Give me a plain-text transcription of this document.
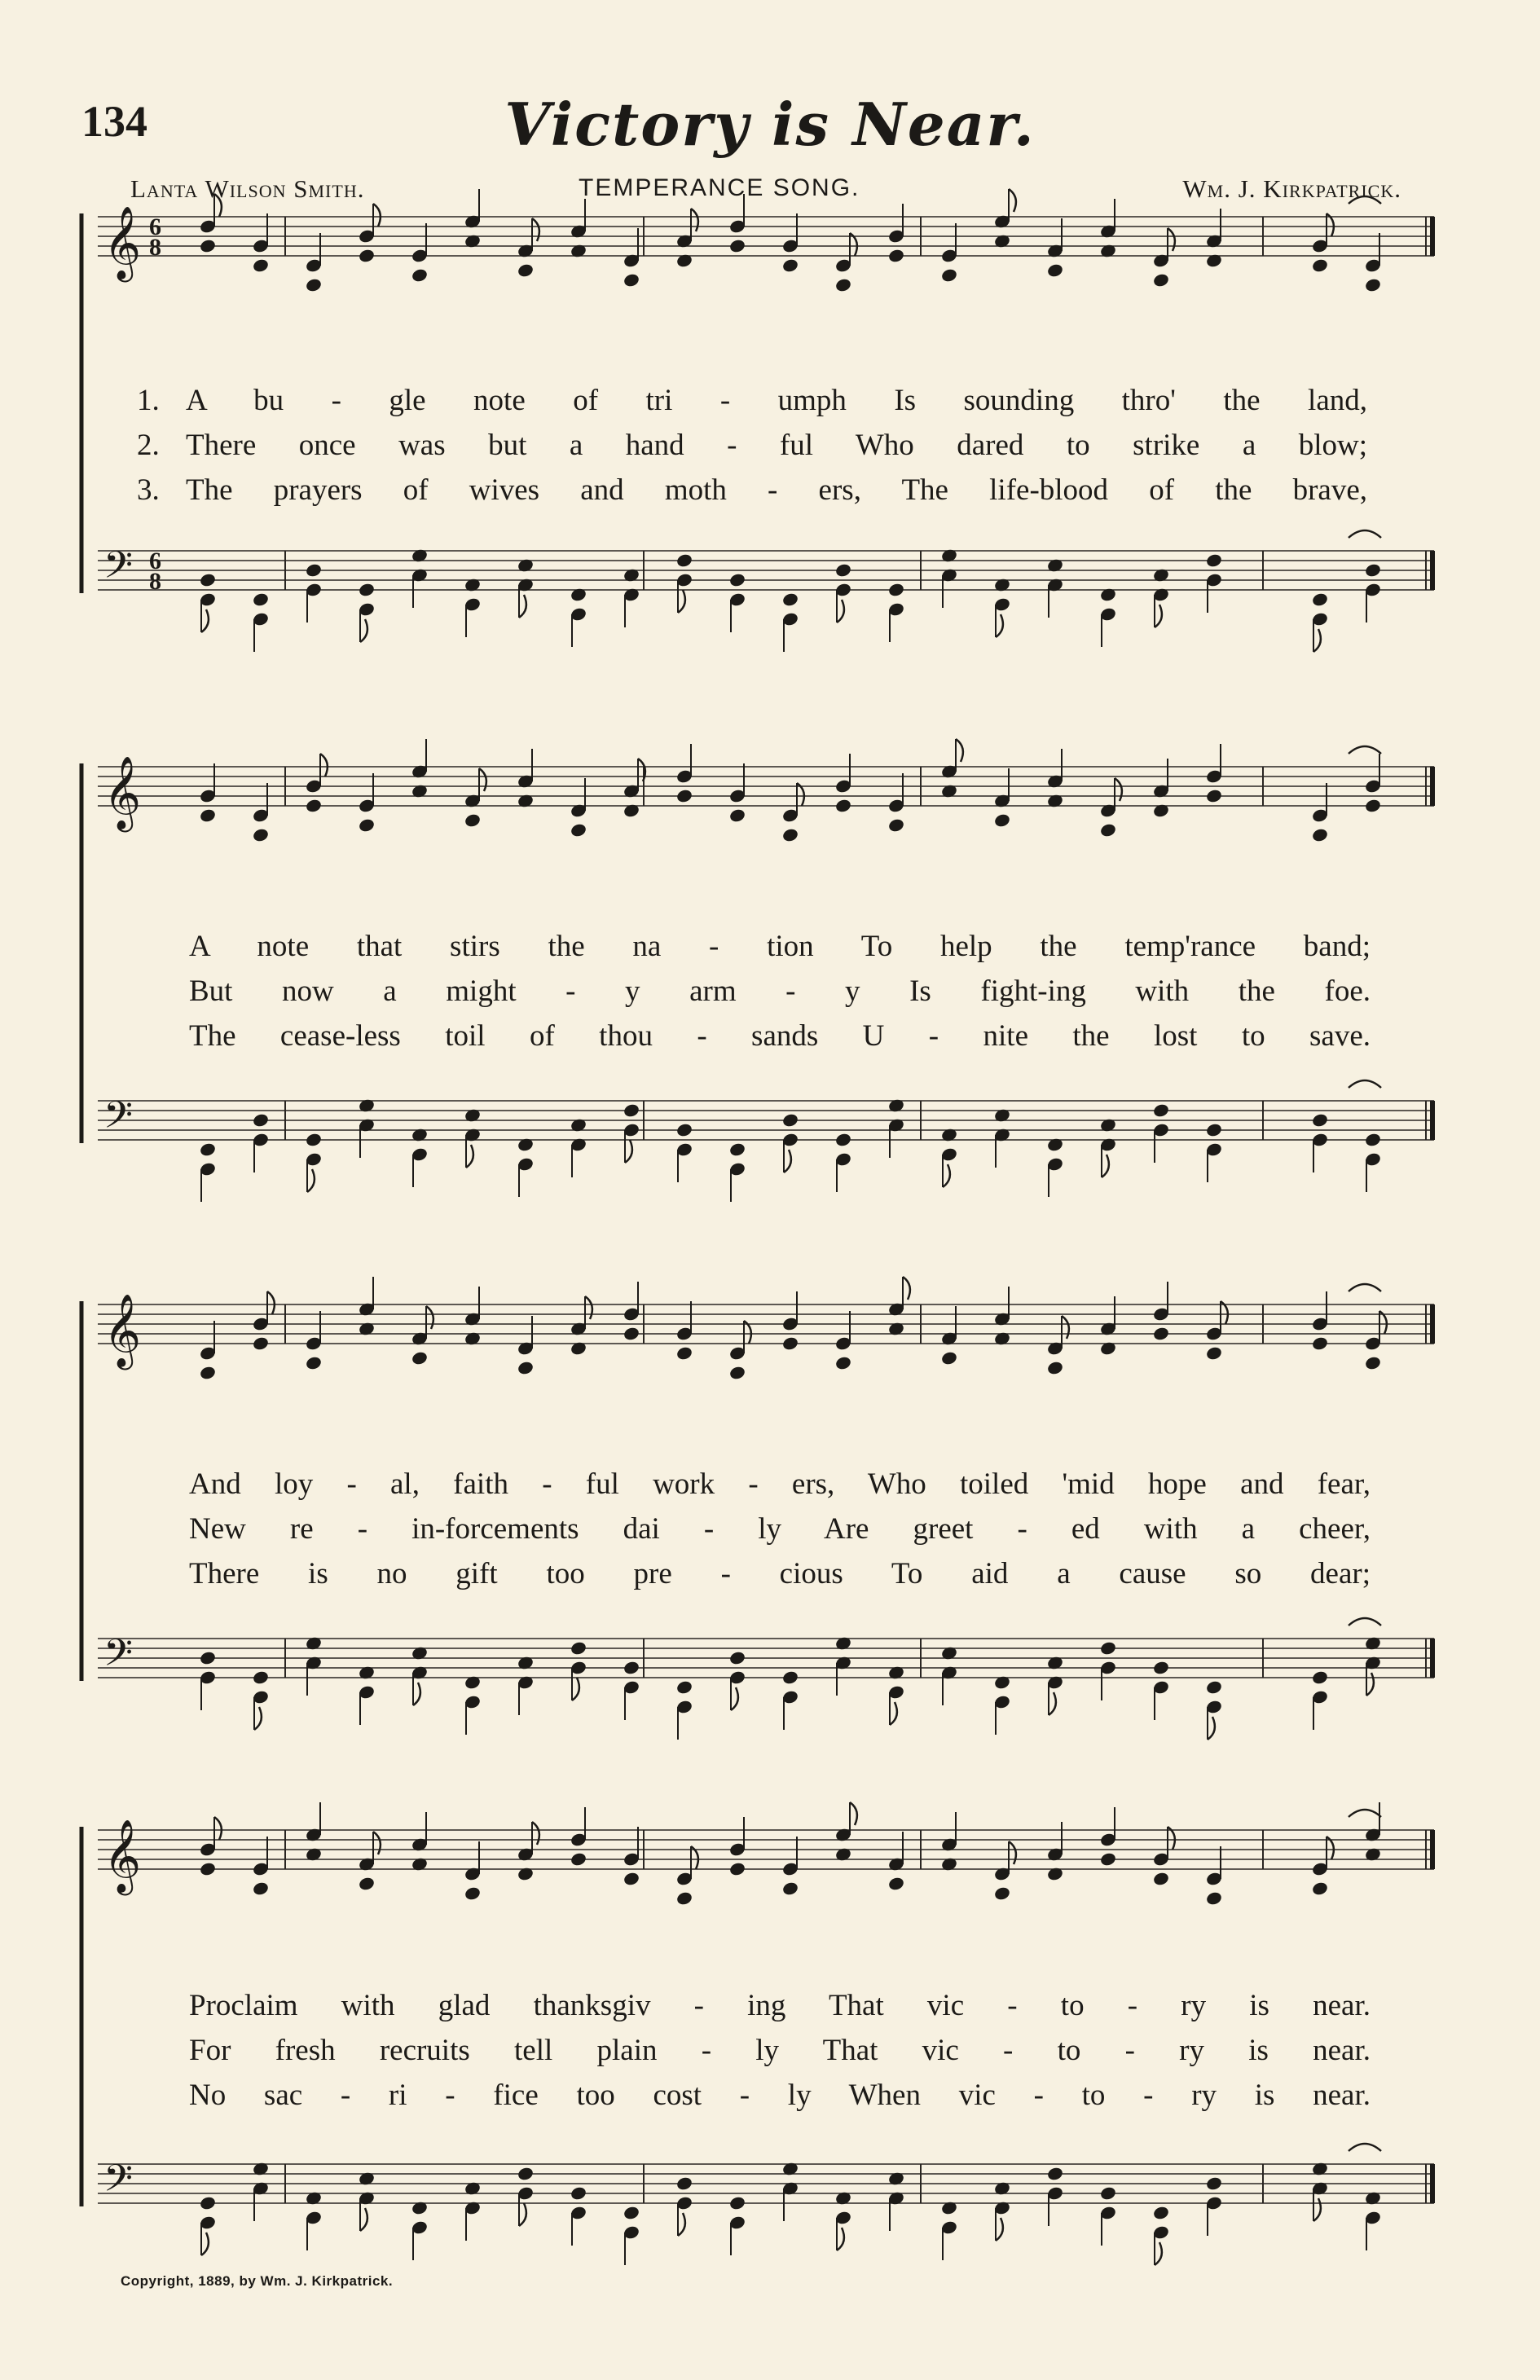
134	Victory is Near.
Lanta Wilson Smith.	TEMPERANCE SONG.	Wm. J. Kirkpatrick.
𝄞
𝄢
6
8
6
8
𝄞
𝄢
𝄞
𝄢
𝄞
𝄢
1. A bu - gle note of tri - umph Is sounding thro' the land,
2. There once was but a hand - ful Who dared to strike a blow;
3. The prayers of wives and moth - ers, The life-blood of the brave,
A note that stirs the na - tion To help the temp'rance band;
But now a might - y arm - y Is fight-ing with the foe.
The cease-less toil of thou - sands U - nite the lost to save.
And loy - al, faith - ful work - ers, Who toiled 'mid hope and fear,
New re - in-forcements dai - ly Are greet - ed with a cheer,
There is no gift too pre - cious To aid a cause so dear;
Proclaim with glad thanksgiv - ing That vic - to - ry is near.
For fresh recruits tell plain - ly That vic - to - ry is near.
No sac - ri - fice too cost - ly When vic - to - ry is near.
Copyright, 1889, by Wm. J. Kirkpatrick.
